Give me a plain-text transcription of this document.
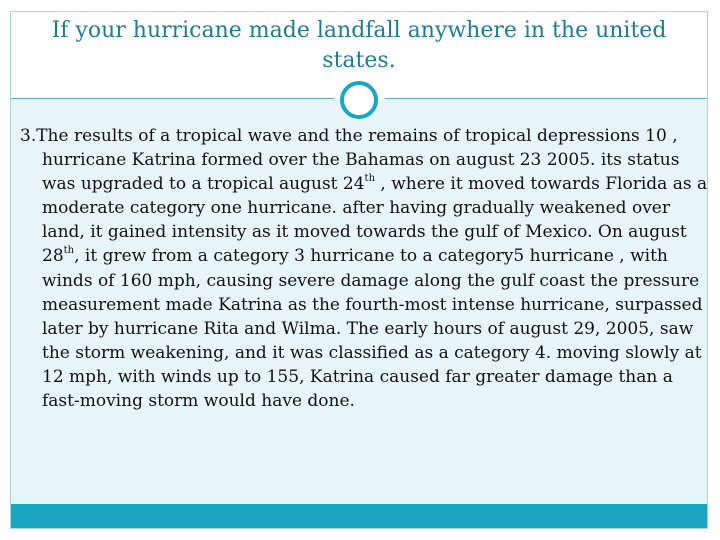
If your hurricane made landfall anywhere in the united states.

3.The results of a tropical wave and the remains of tropical depressions 10 , hurricane Katrina formed over the Bahamas on august 23 2005. its status was upgraded to a tropical august 24th , where it moved towards Florida as a moderate category one hurricane. after having gradually weakened over land, it gained intensity as it moved towards the gulf of Mexico. On august 28th, it grew from a category 3 hurricane to a category5 hurricane , with winds of 160 mph, causing severe damage along the gulf coast the pressure measurement made Katrina as the fourth-most intense hurricane, surpassed later by hurricane Rita and Wilma. The early hours of august 29, 2005, saw the storm weakening, and it was classified as a category 4. moving slowly at 12 mph, with winds up to 155, Katrina caused far greater damage than a fast-moving storm would have done.
